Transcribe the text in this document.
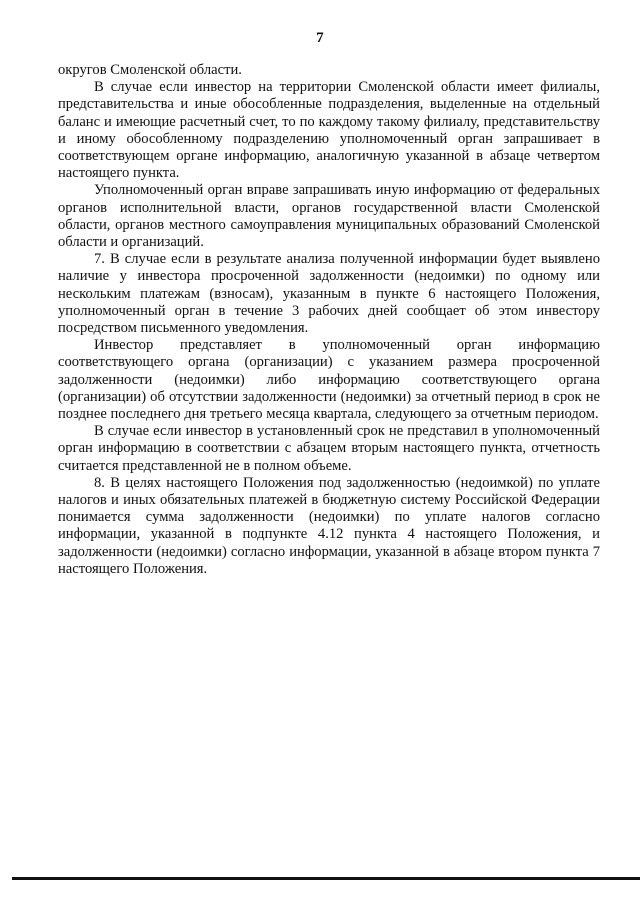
7

округов Смоленской области.

В случае если инвестор на территории Смоленской области имеет филиалы, представительства и иные обособленные подразделения, выделенные на отдельный баланс и имеющие расчетный счет, то по каждому такому филиалу, представительству и иному обособленному подразделению уполномоченный орган запрашивает в соответствующем органе информацию, аналогичную указанной в абзаце четвертом настоящего пункта.

Уполномоченный орган вправе запрашивать иную информацию от федеральных органов исполнительной власти, органов государственной власти Смоленской области, органов местного самоуправления муниципальных образований Смоленской области и организаций.

7. В случае если в результате анализа полученной информации будет выявлено наличие у инвестора просроченной задолженности (недоимки) по одному или нескольким платежам (взносам), указанным в пункте 6 настоящего Положения, уполномоченный орган в течение 3 рабочих дней сообщает об этом инвестору посредством письменного уведомления.

Инвестор представляет в уполномоченный орган информацию соответствующего органа (организации) с указанием размера просроченной задолженности (недоимки) либо информацию соответствующего органа (организации) об отсутствии задолженности (недоимки) за отчетный период в срок не позднее последнего дня третьего месяца квартала, следующего за отчетным периодом.

В случае если инвестор в установленный срок не представил в уполномоченный орган информацию в соответствии с абзацем вторым настоящего пункта, отчетность считается представленной не в полном объеме.

8. В целях настоящего Положения под задолженностью (недоимкой) по уплате налогов и иных обязательных платежей в бюджетную систему Российской Федерации понимается сумма задолженности (недоимки) по уплате налогов согласно информации, указанной в подпункте 4.12 пункта 4 настоящего Положения, и задолженности (недоимки) согласно информации, указанной в абзаце втором пункта 7 настоящего Положения.
